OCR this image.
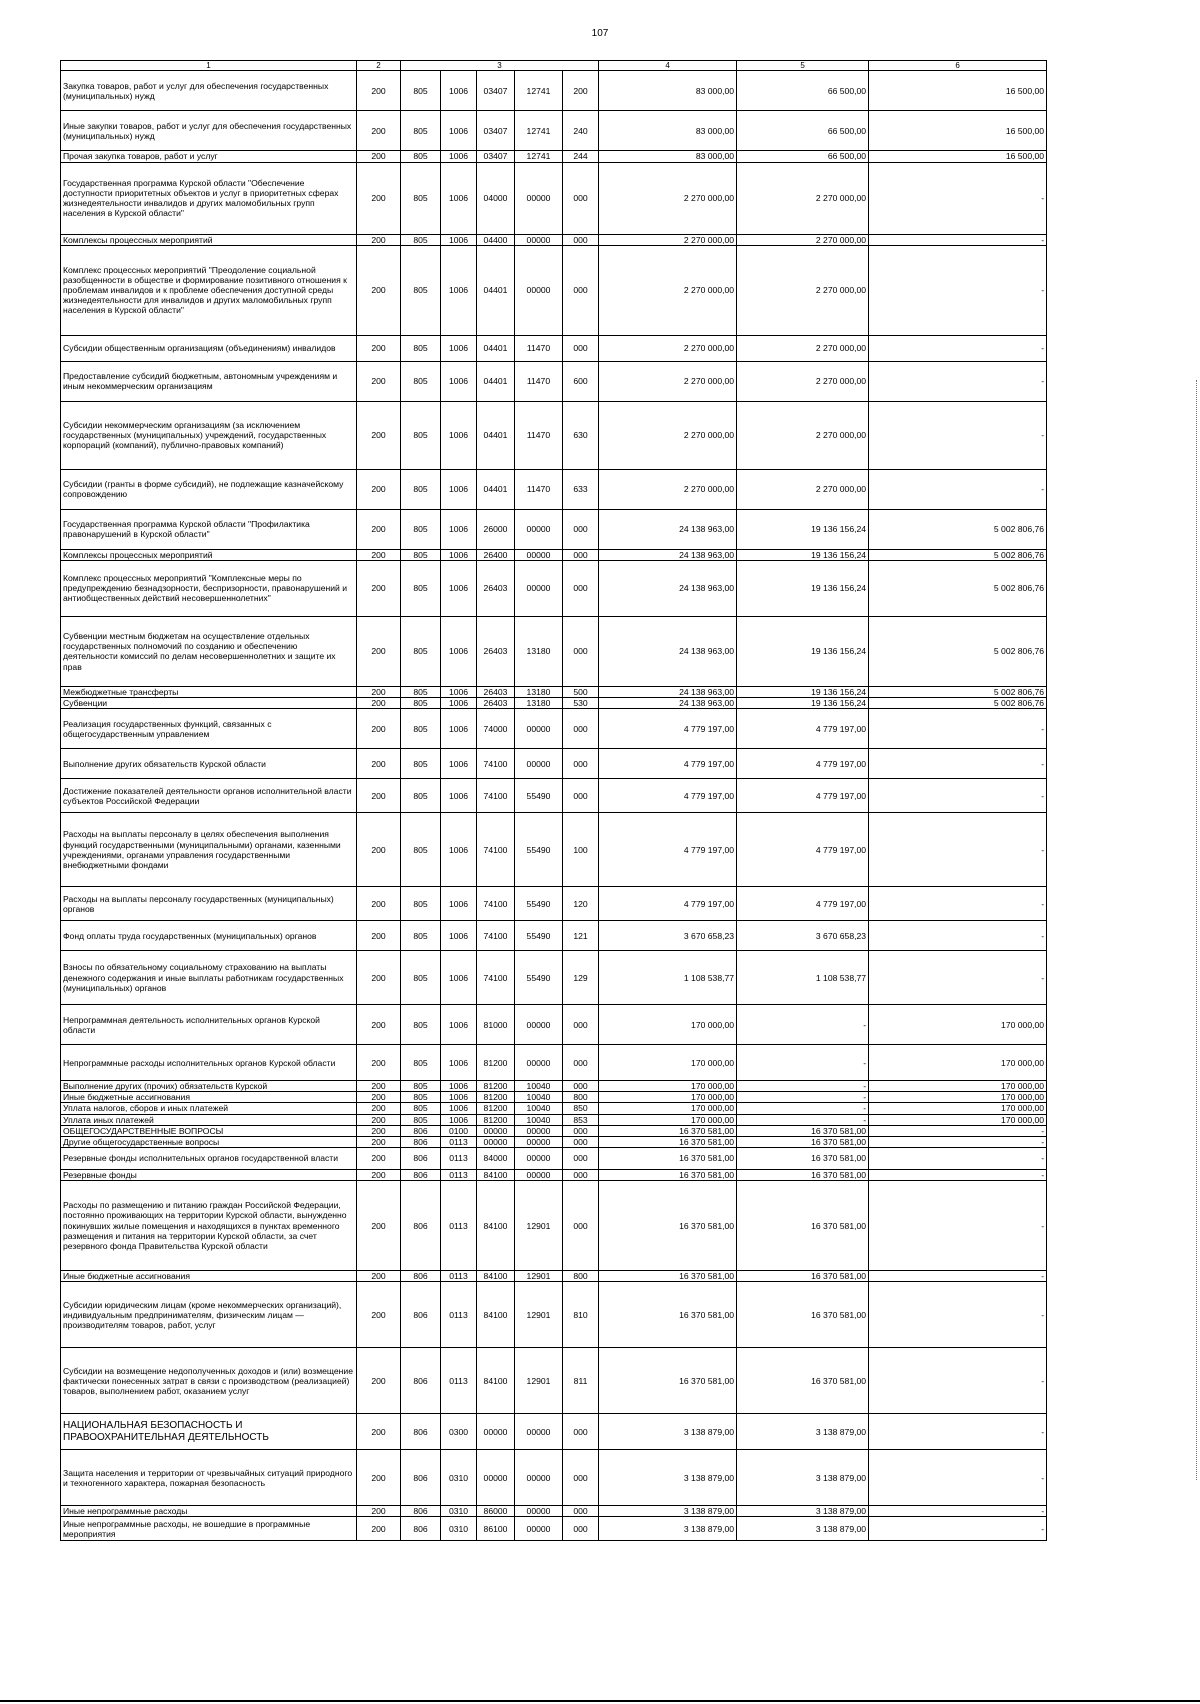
107
1	2	3					4	5	6
Закупка товаров, работ и услуг для обеспечения государственных (муниципальных) нужд	200	805	1006	03407	12741	200	83 000,00	66 500,00	16 500,00
Иные закупки товаров, работ и услуг для обеспечения государственных (муниципальных) нужд	200	805	1006	03407	12741	240	83 000,00	66 500,00	16 500,00
Прочая закупка товаров, работ и услуг	200	805	1006	03407	12741	244	83 000,00	66 500,00	16 500,00
Государственная программа Курской области "Обеспечение доступности приоритетных объектов и услуг в приоритетных сферах жизнедеятельности инвалидов и других маломобильных групп населения в Курской области"	200	805	1006	04000	00000	000	2 270 000,00	2 270 000,00	-
Комплексы процессных мероприятий	200	805	1006	04400	00000	000	2 270 000,00	2 270 000,00	-
Комплекс процессных мероприятий "Преодоление социальной разобщенности в обществе и формирование позитивного отношения к проблемам инвалидов и к проблеме обеспечения доступной среды жизнедеятельности для инвалидов и других маломобильных групп населения в Курской области"	200	805	1006	04401	00000	000	2 270 000,00	2 270 000,00	-
Субсидии общественным организациям (объединениям) инвалидов	200	805	1006	04401	11470	000	2 270 000,00	2 270 000,00	-
Предоставление субсидий бюджетным, автономным учреждениям и иным некоммерческим организациям	200	805	1006	04401	11470	600	2 270 000,00	2 270 000,00	-
Субсидии некоммерческим организациям (за исключением государственных (муниципальных) учреждений, государственных корпораций (компаний), публично-правовых компаний)	200	805	1006	04401	11470	630	2 270 000,00	2 270 000,00	-
Субсидии (гранты в форме субсидий), не подлежащие казначейскому сопровождению	200	805	1006	04401	11470	633	2 270 000,00	2 270 000,00	-
Государственная программа Курской области "Профилактика правонарушений в Курской области"	200	805	1006	26000	00000	000	24 138 963,00	19 136 156,24	5 002 806,76
Комплексы процессных мероприятий	200	805	1006	26400	00000	000	24 138 963,00	19 136 156,24	5 002 806,76
Комплекс процессных мероприятий "Комплексные меры по предупреждению безнадзорности, беспризорности, правонарушений и антиобщественных действий несовершеннолетних"	200	805	1006	26403	00000	000	24 138 963,00	19 136 156,24	5 002 806,76
Субвенции местным бюджетам на осуществление отдельных государственных полномочий по созданию и обеспечению деятельности комиссий по делам несовершеннолетних и защите их прав	200	805	1006	26403	13180	000	24 138 963,00	19 136 156,24	5 002 806,76
Межбюджетные трансферты	200	805	1006	26403	13180	500	24 138 963,00	19 136 156,24	5 002 806,76
Субвенции	200	805	1006	26403	13180	530	24 138 963,00	19 136 156,24	5 002 806,76
Реализация государственных функций, связанных с общегосударственным управлением	200	805	1006	74000	00000	000	4 779 197,00	4 779 197,00	-
Выполнение других обязательств Курской области	200	805	1006	74100	00000	000	4 779 197,00	4 779 197,00	-
Достижение показателей деятельности органов исполнительной власти субъектов Российской Федерации	200	805	1006	74100	55490	000	4 779 197,00	4 779 197,00	-
Расходы на выплаты персоналу в целях обеспечения выполнения функций государственными (муниципальными) органами, казенными учреждениями, органами управления государственными внебюджетными фондами	200	805	1006	74100	55490	100	4 779 197,00	4 779 197,00	-
Расходы на выплаты персоналу государственных (муниципальных) органов	200	805	1006	74100	55490	120	4 779 197,00	4 779 197,00	-
Фонд оплаты труда государственных (муниципальных) органов	200	805	1006	74100	55490	121	3 670 658,23	3 670 658,23	-
Взносы по обязательному социальному страхованию на выплаты денежного содержания и иные выплаты работникам государственных (муниципальных) органов	200	805	1006	74100	55490	129	1 108 538,77	1 108 538,77	-
Непрограммная деятельность исполнительных органов Курской области	200	805	1006	81000	00000	000	170 000,00	-	170 000,00
Непрограммные расходы исполнительных органов Курской области	200	805	1006	81200	00000	000	170 000,00	-	170 000,00
Выполнение других (прочих) обязательств Курской	200	805	1006	81200	10040	000	170 000,00	-	170 000,00
Иные бюджетные ассигнования	200	805	1006	81200	10040	800	170 000,00	-	170 000,00
Уплата налогов, сборов и иных платежей	200	805	1006	81200	10040	850	170 000,00	-	170 000,00
Уплата иных платежей	200	805	1006	81200	10040	853	170 000,00	-	170 000,00
ОБЩЕГОСУДАРСТВЕННЫЕ ВОПРОСЫ	200	806	0100	00000	00000	000	16 370 581,00	16 370 581,00	-
Другие общегосударственные вопросы	200	806	0113	00000	00000	000	16 370 581,00	16 370 581,00	-
Резервные фонды исполнительных органов государственной власти	200	806	0113	84000	00000	000	16 370 581,00	16 370 581,00	-
Резервные фонды	200	806	0113	84100	00000	000	16 370 581,00	16 370 581,00	-
Расходы по размещению и питанию граждан Российской Федерации, постоянно проживающих на территории Курской области, вынужденно покинувших жилые помещения и находящихся в пунктах временного размещения и питания на территории Курской области, за счет резервного фонда Правительства Курской области	200	806	0113	84100	12901	000	16 370 581,00	16 370 581,00	-
Иные бюджетные ассигнования	200	806	0113	84100	12901	800	16 370 581,00	16 370 581,00	-
Субсидии юридическим лицам (кроме некоммерческих организаций), индивидуальным предпринимателям, физическим лицам — производителям товаров, работ, услуг	200	806	0113	84100	12901	810	16 370 581,00	16 370 581,00	-
Субсидии на возмещение недополученных доходов и (или) возмещение фактически понесенных затрат в связи с производством (реализацией) товаров, выполнением работ, оказанием услуг	200	806	0113	84100	12901	811	16 370 581,00	16 370 581,00	-
НАЦИОНАЛЬНАЯ БЕЗОПАСНОСТЬ И ПРАВООХРАНИТЕЛЬНАЯ ДЕЯТЕЛЬНОСТЬ	200	806	0300	00000	00000	000	3 138 879,00	3 138 879,00	-
Защита населения и территории от чрезвычайных ситуаций природного и техногенного характера, пожарная безопасность	200	806	0310	00000	00000	000	3 138 879,00	3 138 879,00	-
Иные непрограммные расходы	200	806	0310	86000	00000	000	3 138 879,00	3 138 879,00	-
Иные непрограммные расходы, не вошедшие в программные мероприятия	200	806	0310	86100	00000	000	3 138 879,00	3 138 879,00	-
